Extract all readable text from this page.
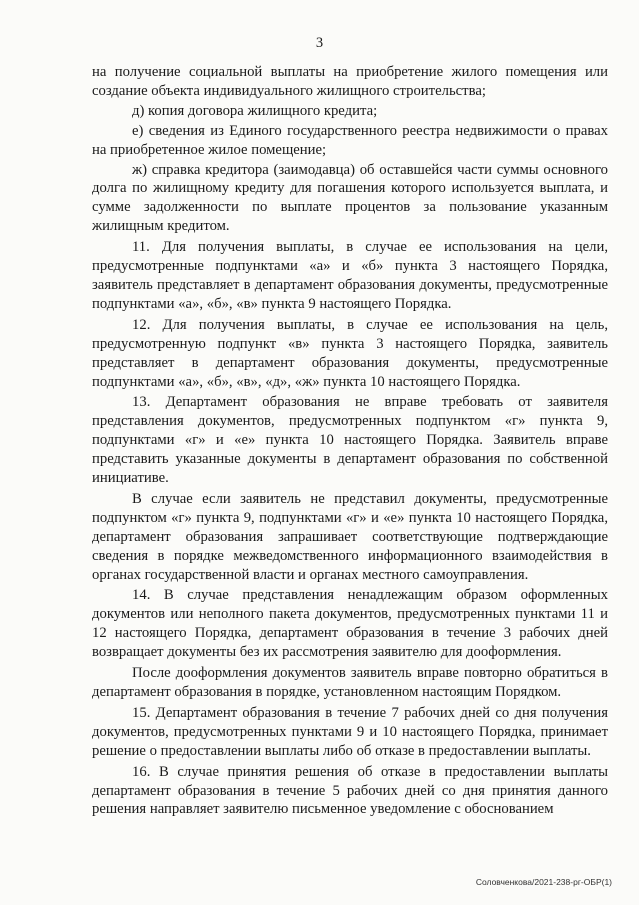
3

на получение социальной выплаты на приобретение жилого помещения или создание объекта индивидуального жилищного строительства;

д) копия договора жилищного кредита;

е) сведения из Единого государственного реестра недвижимости о правах на приобретенное жилое помещение;

ж) справка кредитора (заимодавца) об оставшейся части суммы основного долга по жилищному кредиту для погашения которого используется выплата, и сумме задолженности по выплате процентов за пользование указанным жилищным кредитом.

11. Для получения выплаты, в случае ее использования на цели, предусмотренные подпунктами «а» и «б» пункта 3 настоящего Порядка, заявитель представляет в департамент образования документы, предусмотренные подпунктами «а», «б», «в» пункта 9 настоящего Порядка.

12. Для получения выплаты, в случае ее использования на цель, предусмотренную подпункт «в» пункта 3 настоящего Порядка, заявитель представляет в департамент образования документы, предусмотренные подпунктами «а», «б», «в», «д», «ж» пункта 10 настоящего Порядка.

13. Департамент образования не вправе требовать от заявителя представления документов, предусмотренных подпунктом «г» пункта 9, подпунктами «г» и «е» пункта 10 настоящего Порядка. Заявитель вправе представить указанные документы в департамент образования по собственной инициативе.

В случае если заявитель не представил документы, предусмотренные подпунктом «г» пункта 9, подпунктами «г» и «е» пункта 10 настоящего Порядка, департамент образования запрашивает соответствующие подтверждающие сведения в порядке межведомственного информационного взаимодействия в органах государственной власти и органах местного самоуправления.

14. В случае представления ненадлежащим образом оформленных документов или неполного пакета документов, предусмотренных пунктами 11 и 12 настоящего Порядка, департамент образования в течение 3 рабочих дней возвращает документы без их рассмотрения заявителю для дооформления.

После дооформления документов заявитель вправе повторно обратиться в департамент образования в порядке, установленном настоящим Порядком.

15. Департамент образования в течение 7 рабочих дней со дня получения документов, предусмотренных пунктами 9 и 10 настоящего Порядка, принимает решение о предоставлении выплаты либо об отказе в предоставлении выплаты.

16. В случае принятия решения об отказе в предоставлении выплаты департамент образования в течение 5 рабочих дней со дня принятия данного решения направляет заявителю письменное уведомление с обоснованием

Соловченкова/2021-238-рг-ОБР(1)
